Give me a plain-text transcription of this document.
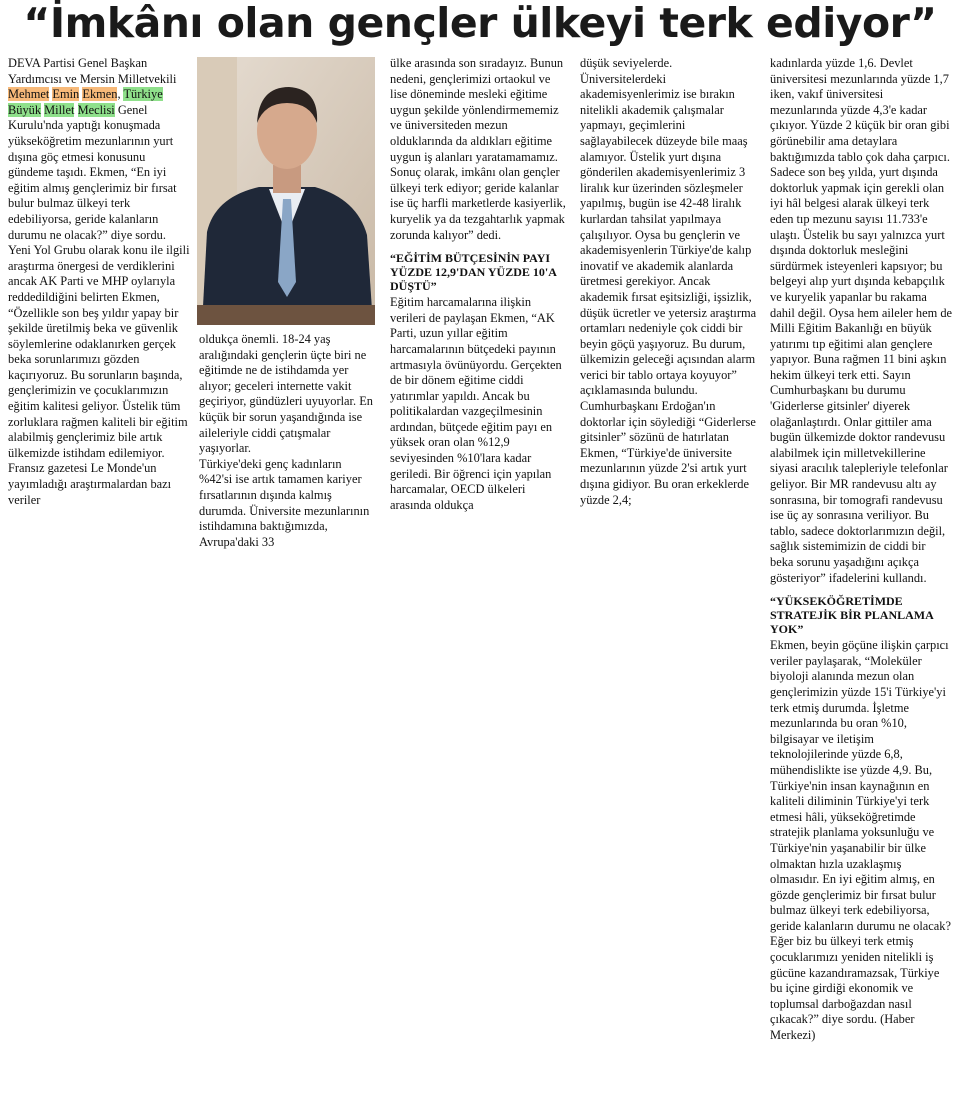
“İmkânı olan gençler ülkeyi terk ediyor”

DEVA Partisi Genel Başkan Yardımcısı ve Mersin Milletvekili Mehmet Emin Ekmen, Türkiye Büyük Millet Meclisi Genel Kurulu'nda yaptığı konuşmada yükseköğretim mezunlarının yurt dışına göç etmesi konusunu gündeme taşıdı. Ekmen, “En iyi eğitim almış gençlerimiz bir fırsat bulur bulmaz ülkeyi terk edebiliyorsa, geride kalanların durumu ne olacak?” diye sordu.

Yeni Yol Grubu olarak konu ile ilgili araştırma önergesi de verdiklerini ancak AK Parti ve MHP oylarıyla reddedildiğini belirten Ekmen, “Özellikle son beş yıldır yapay bir şekilde üretilmiş beka ve güvenlik söylemlerine odaklanırken gerçek beka sorunlarımızı gözden kaçırıyoruz. Bu sorunların başında, gençlerimizin ve çocuklarımızın eğitim kalitesi geliyor. Üstelik tüm zorluklara rağmen kaliteli bir eğitim alabilmiş gençlerimiz bile artık ülkemizde istihdam edilemiyor. Fransız gazetesi Le Monde'un yayımladığı araştırmalardan bazı veriler

oldukça önemli. 18-24 yaş aralığındaki gençlerin üçte biri ne eğitimde ne de istihdamda yer alıyor; geceleri internette vakit geçiriyor, gündüzleri uyuyorlar. En küçük bir sorun yaşandığında ise aileleriyle ciddi çatışmalar yaşıyorlar.

Türkiye'deki genç kadınların %42'si ise artık tamamen kariyer fırsatlarının dışında kalmış durumda. Üniversite mezunlarının istihdamına baktığımızda, Avrupa'daki 33

ülke arasında son sıradayız. Bunun nedeni, gençlerimizi ortaokul ve lise döneminde mesleki eğitime uygun şekilde yönlendirmememiz ve üniversiteden mezun olduklarında da aldıkları eğitime uygun iş alanları yaratamamamız. Sonuç olarak, imkânı olan gençler ülkeyi terk ediyor; geride kalanlar ise üç harfli marketlerde kasiyerlik, kuryelik ya da tezgahtarlık yapmak zorunda kalıyor” dedi.

“EĞİTİM BÜTÇESİNİN PAYI YÜZDE 12,9'DAN YÜZDE 10'A DÜŞTÜ”

Eğitim harcamalarına ilişkin verileri de paylaşan Ekmen, “AK Parti, uzun yıllar eğitim harcamalarının bütçedeki payının artmasıyla övünüyordu. Gerçekten de bir dönem eğitime ciddi yatırımlar yapıldı. Ancak bu politikalardan vazgeçilmesinin ardından, bütçede eğitim payı en yüksek oran olan %12,9 seviyesinden %10'lara kadar geriledi. Bir öğrenci için yapılan harcamalar, OECD ülkeleri arasında oldukça

düşük seviyelerde. Üniversitelerdeki akademisyenlerimiz ise bırakın nitelikli akademik çalışmalar yapmayı, geçimlerini sağlayabilecek düzeyde bile maaş alamıyor. Üstelik yurt dışına gönderilen akademisyenlerimiz 3 liralık kur üzerinden sözleşmeler yapılmış, bugün ise 42-48 liralık kurlardan tahsilat yapılmaya çalışılıyor. Oysa bu gençlerin ve akademisyenlerin Türkiye'de kalıp inovatif ve akademik alanlarda üretmesi gerekiyor. Ancak akademik fırsat eşitsizliği, işsizlik, düşük ücretler ve yetersiz araştırma ortamları nedeniyle çok ciddi bir beyin göçü yaşıyoruz. Bu durum, ülkemizin geleceği açısından alarm verici bir tablo ortaya koyuyor” açıklamasında bulundu.

Cumhurbaşkanı Erdoğan'ın doktorlar için söylediği “Giderlerse gitsinler” sözünü de hatırlatan Ekmen, “Türkiye'de üniversite mezunlarının yüzde 2'si artık yurt dışına gidiyor. Bu oran erkeklerde yüzde 2,4;

kadınlarda yüzde 1,6. Devlet üniversitesi mezunlarında yüzde 1,7 iken, vakıf üniversitesi mezunlarında yüzde 4,3'e kadar çıkıyor. Yüzde 2 küçük bir oran gibi görünebilir ama detaylara baktığımızda tablo çok daha çarpıcı. Sadece son beş yılda, yurt dışında doktorluk yapmak için gerekli olan iyi hâl belgesi alarak ülkeyi terk eden tıp mezunu sayısı 11.733'e ulaştı. Üstelik bu sayı yalnızca yurt dışında doktorluk mesleğini sürdürmek isteyenleri kapsıyor; bu belgeyi alıp yurt dışında kebapçılık ve kuryelik yapanlar bu rakama dahil değil. Oysa hem aileler hem de Milli Eğitim Bakanlığı en büyük yatırımı tıp eğitimi alan gençlere yapıyor. Buna rağmen 11 bini aşkın hekim ülkeyi terk etti. Sayın Cumhurbaşkanı bu durumu 'Giderlerse gitsinler' diyerek olağanlaştırdı. Onlar gittiler ama bugün ülkemizde doktor randevusu alabilmek için milletvekillerine siyasi aracılık talepleriyle telefonlar geliyor. Bir MR randevusu altı ay sonrasına, bir tomografi randevusu ise üç ay sonrasına veriliyor. Bu tablo, sadece doktorlarımızın değil, sağlık sistemimizin de ciddi bir beka sorunu yaşadığını açıkça gösteriyor” ifadelerini kullandı.

“YÜKSEKÖĞRETİMDE STRATEJİK BİR PLANLAMA YOK”

Ekmen, beyin göçüne ilişkin çarpıcı veriler paylaşarak, “Moleküler biyoloji alanında mezun olan gençlerimizin yüzde 15'i Türkiye'yi terk etmiş durumda. İşletme mezunlarında bu oran %10, bilgisayar ve iletişim teknolojilerinde yüzde 6,8, mühendislikte ise yüzde 4,9. Bu, Türkiye'nin insan kaynağının en kaliteli diliminin Türkiye'yi terk etmesi hâli, yükseköğretimde stratejik planlama yoksunluğu ve Türkiye'nin yaşanabilir bir ülke olmaktan hızla uzaklaşmış olmasıdır. En iyi eğitim almış, en gözde gençlerimiz bir fırsat bulur bulmaz ülkeyi terk edebiliyorsa, geride kalanların durumu ne olacak? Eğer biz bu ülkeyi terk etmiş çocuklarımızı yeniden nitelikli iş gücüne kazandıramazsak, Türkiye bu içine girdiği ekonomik ve toplumsal darboğazdan nasıl çıkacak?” diye sordu. (Haber Merkezi)
